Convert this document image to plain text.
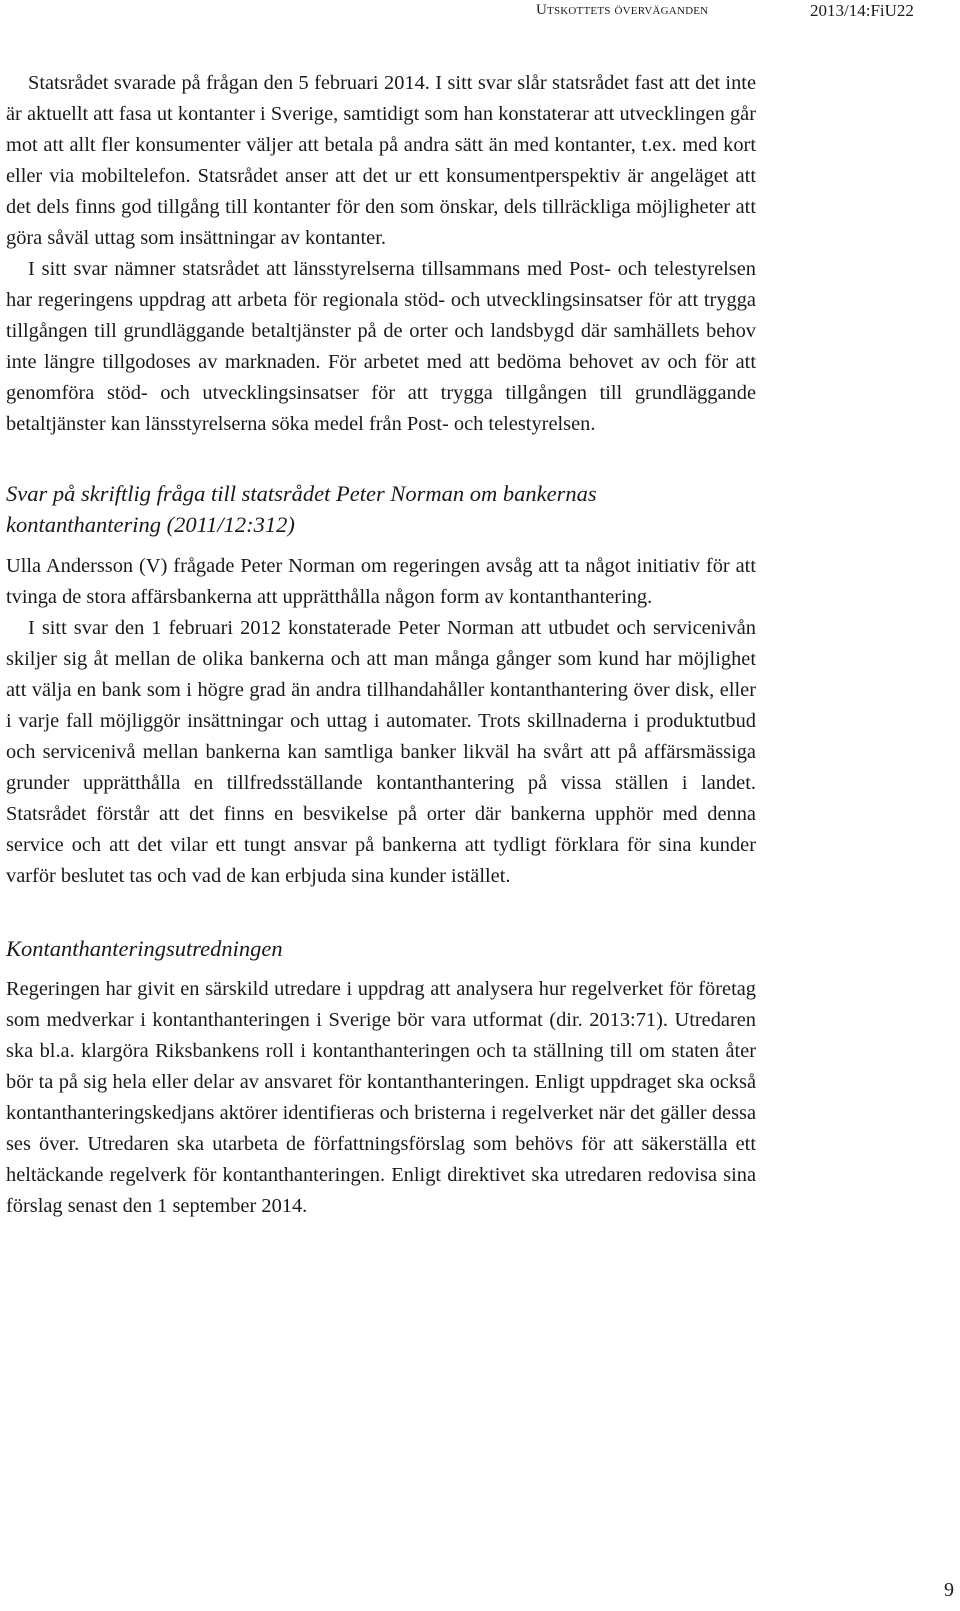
Utskottets överväganden	2013/14:FiU22

Statsrådet svarade på frågan den 5 februari 2014. I sitt svar slår statsrådet fast att det inte är aktuellt att fasa ut kontanter i Sverige, samtidigt som han konstaterar att utvecklingen går mot att allt fler konsumenter väljer att betala på andra sätt än med kontanter, t.ex. med kort eller via mobiltelefon. Statsrådet anser att det ur ett konsumentperspektiv är angeläget att det dels finns god tillgång till kontanter för den som önskar, dels tillräckliga möjligheter att göra såväl uttag som insättningar av kontanter.

I sitt svar nämner statsrådet att länsstyrelserna tillsammans med Post- och telestyrelsen har regeringens uppdrag att arbeta för regionala stöd- och utvecklingsinsatser för att trygga tillgången till grundläggande betaltjänster på de orter och landsbygd där samhällets behov inte längre tillgodoses av marknaden. För arbetet med att bedöma behovet av och för att genomföra stöd- och utvecklingsinsatser för att trygga tillgången till grundläggande betaltjänster kan länsstyrelserna söka medel från Post- och telestyrelsen.

Svar på skriftlig fråga till statsrådet Peter Norman om bankernas kontanthantering (2011/12:312)

Ulla Andersson (V) frågade Peter Norman om regeringen avsåg att ta något initiativ för att tvinga de stora affärsbankerna att upprätthålla någon form av kontanthantering.

I sitt svar den 1 februari 2012 konstaterade Peter Norman att utbudet och servicenivån skiljer sig åt mellan de olika bankerna och att man många gånger som kund har möjlighet att välja en bank som i högre grad än andra tillhandahåller kontanthantering över disk, eller i varje fall möjliggör insättningar och uttag i automater. Trots skillnaderna i produktutbud och servicenivå mellan bankerna kan samtliga banker likväl ha svårt att på affärsmässiga grunder upprätthålla en tillfredsställande kontanthantering på vissa ställen i landet. Statsrådet förstår att det finns en besvikelse på orter där bankerna upphör med denna service och att det vilar ett tungt ansvar på bankerna att tydligt förklara för sina kunder varför beslutet tas och vad de kan erbjuda sina kunder istället.

Kontanthanteringsutredningen

Regeringen har givit en särskild utredare i uppdrag att analysera hur regelverket för företag som medverkar i kontanthanteringen i Sverige bör vara utformat (dir. 2013:71). Utredaren ska bl.a. klargöra Riksbankens roll i kontanthanteringen och ta ställning till om staten åter bör ta på sig hela eller delar av ansvaret för kontanthanteringen. Enligt uppdraget ska också kontanthanteringskedjans aktörer identifieras och bristerna i regelverket när det gäller dessa ses över. Utredaren ska utarbeta de författningsförslag som behövs för att säkerställa ett heltäckande regelverk för kontanthanteringen. Enligt direktivet ska utredaren redovisa sina förslag senast den 1 september 2014.

9
